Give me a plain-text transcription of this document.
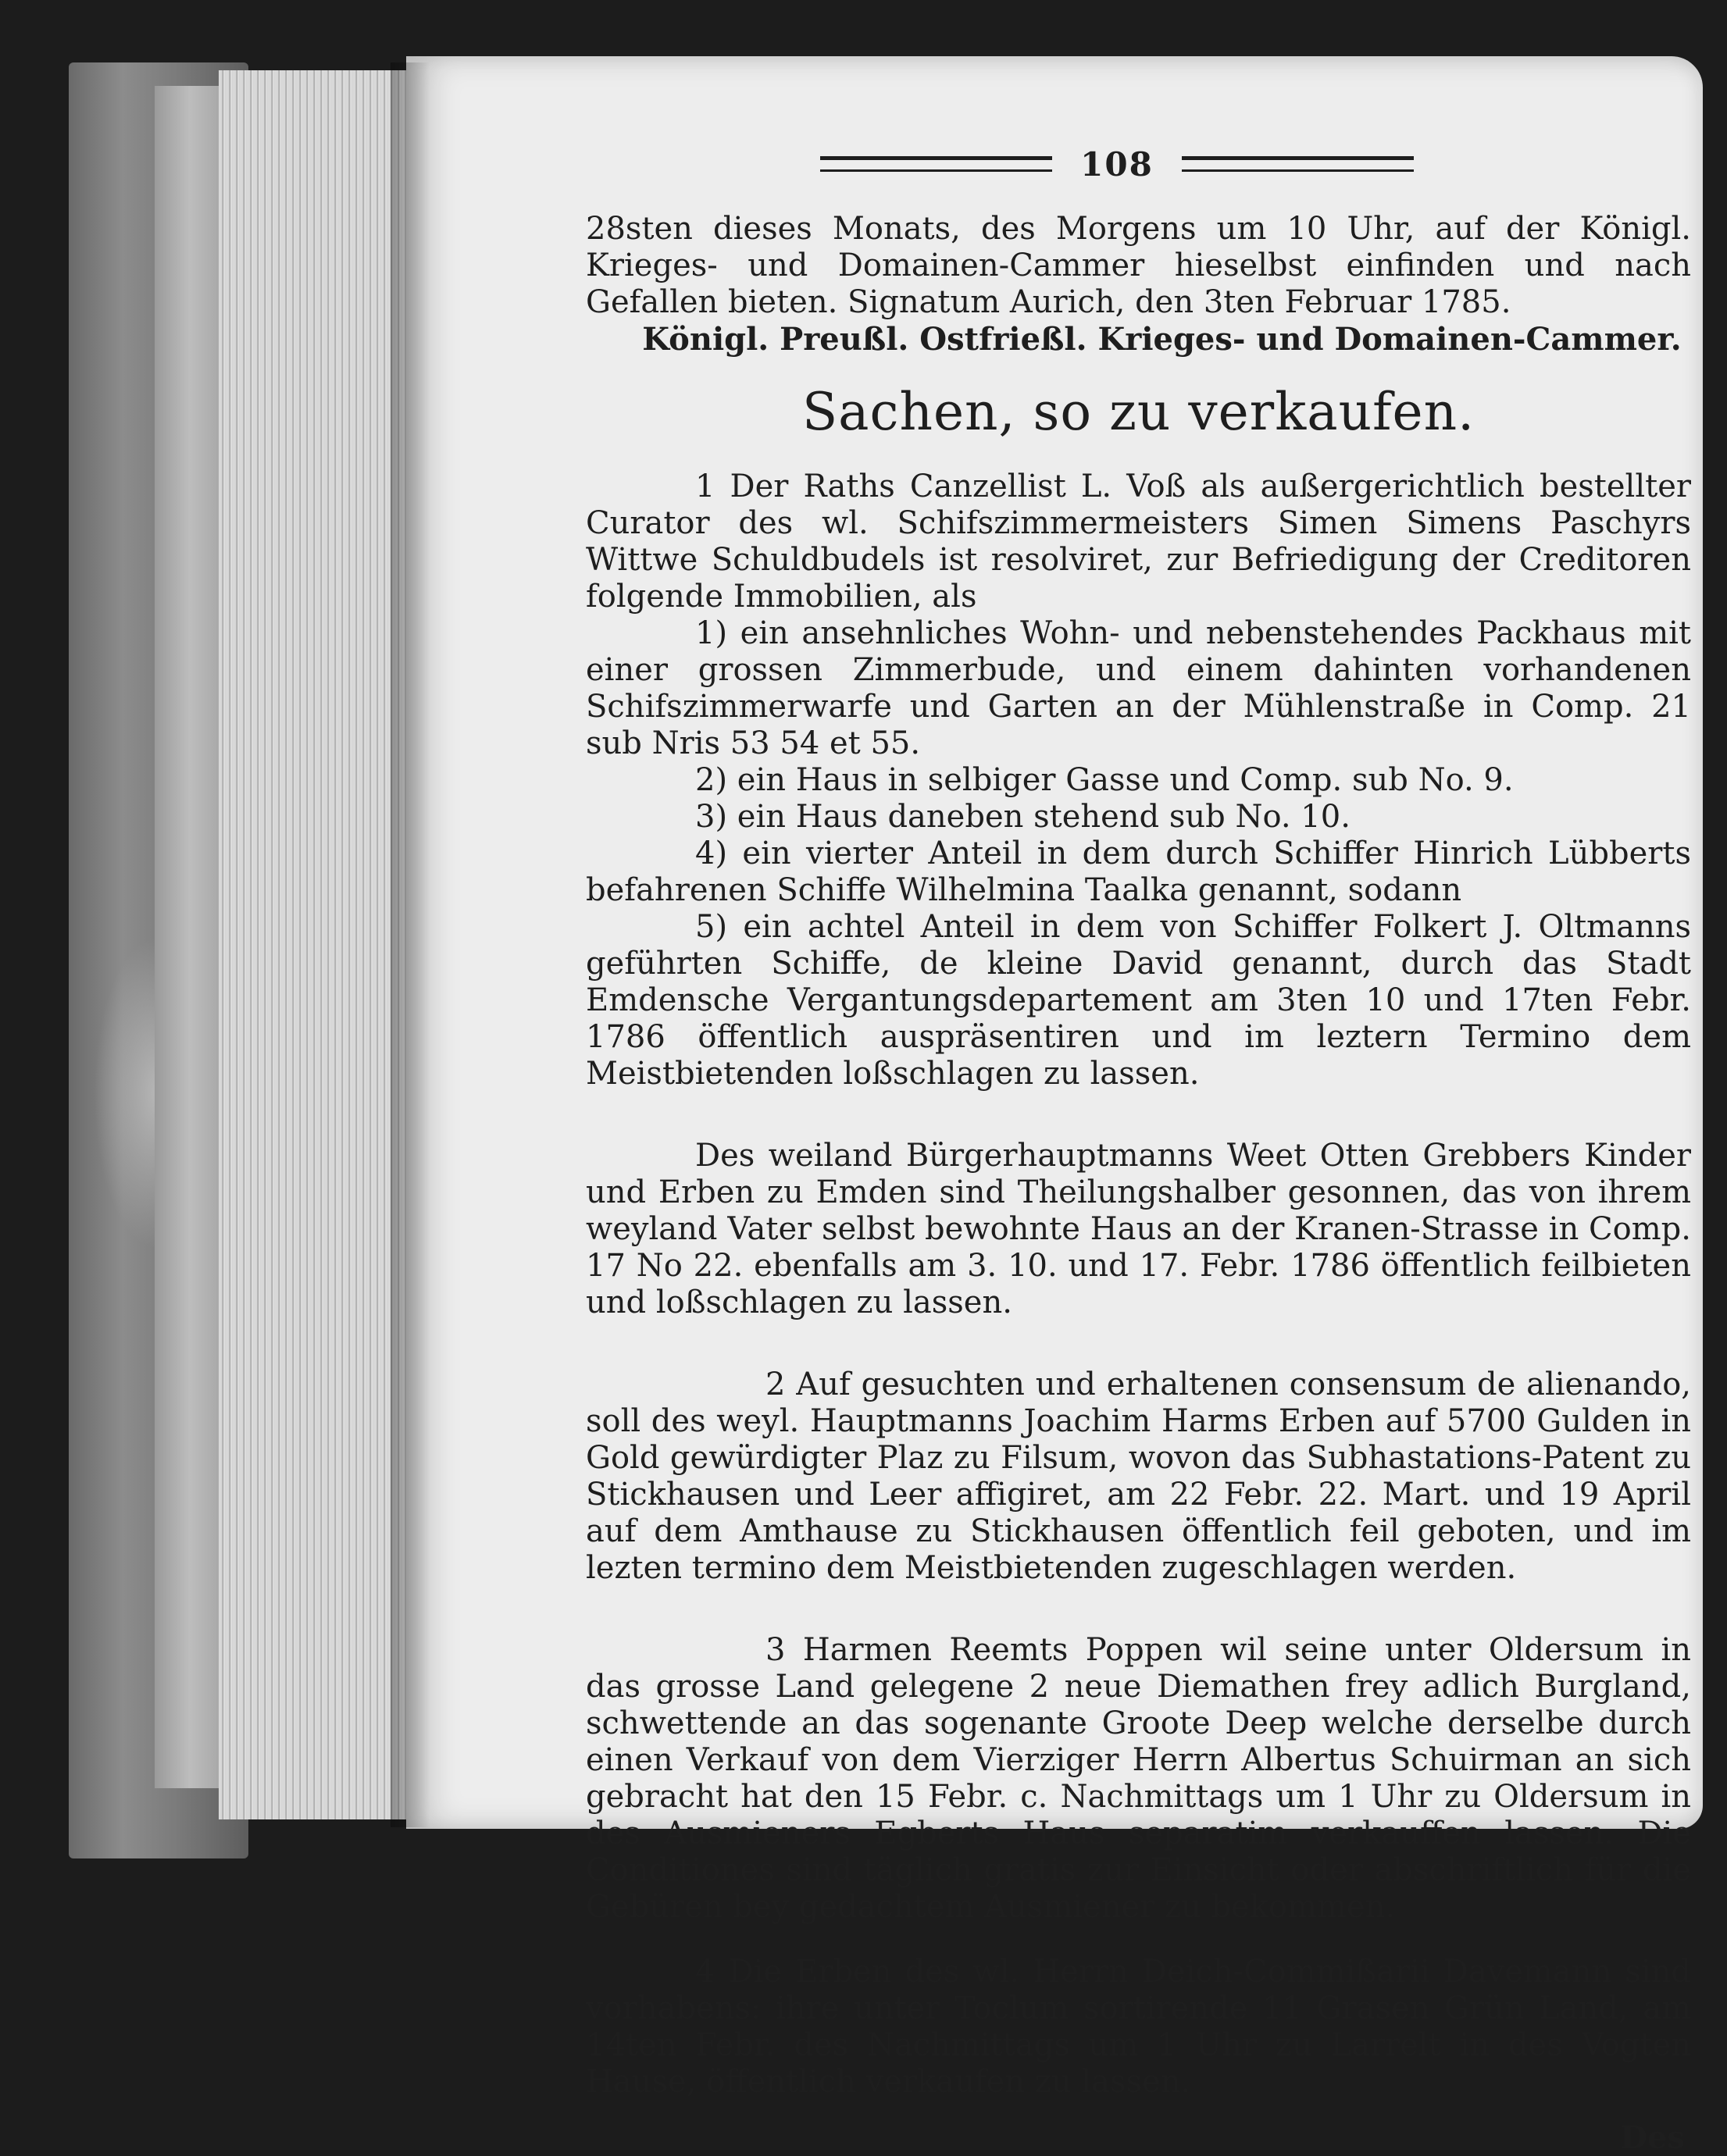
108

28sten dieses Monats, des Morgens um 10 Uhr, auf der Königl. Krieges- und Domainen-Cammer hieselbst einfinden und nach Gefallen bieten. Signatum Aurich, den 3ten Februar 1785.

Königl. Preußl. Ostfrießl. Krieges- und Domainen-Cammer.

Sachen, so zu verkaufen.

1 Der Raths Canzellist L. Voß als außergerichtlich bestellter Curator des wl. Schifszimmermeisters Simen Simens Paschyrs Wittwe Schuldbudels ist resolviret, zur Befriedigung der Creditoren folgende Immobilien, als

1) ein ansehnliches Wohn- und nebenstehendes Packhaus mit einer grossen Zimmerbude, und einem dahinten vorhandenen Schifszimmerwarfe und Garten an der Mühlenstraße in Comp. 21 sub Nris 53 54 et 55.

2) ein Haus in selbiger Gasse und Comp. sub No. 9.

3) ein Haus daneben stehend sub No. 10.

4) ein vierter Anteil in dem durch Schiffer Hinrich Lübberts befahrenen Schiffe Wilhelmina Taalka genannt, sodann

5) ein achtel Anteil in dem von Schiffer Folkert J. Oltmanns geführten Schiffe, de kleine David genannt, durch das Stadt Emdensche Vergantungsdepartement am 3ten 10 und 17ten Febr. 1786 öffentlich auspräsentiren und im leztern Termino dem Meistbietenden loßschlagen zu lassen.

Des weiland Bürgerhauptmanns Weet Otten Grebbers Kinder und Erben zu Emden sind Theilungshalber gesonnen, das von ihrem weyland Vater selbst bewohnte Haus an der Kranen-Strasse in Comp. 17 No 22. ebenfalls am 3. 10. und 17. Febr. 1786 öffentlich feilbieten und loßschlagen zu lassen.

2 Auf gesuchten und erhaltenen consensum de alienando, soll des weyl. Hauptmanns Joachim Harms Erben auf 5700 Gulden in Gold gewürdigter Plaz zu Filsum, wovon das Subhastations-Patent zu Stickhausen und Leer affigiret, am 22 Febr. 22. Mart. und 19 April auf dem Amthause zu Stickhausen öffentlich feil geboten, und im lezten termino dem Meistbietenden zugeschlagen werden.

3 Harmen Reemts Poppen wil seine unter Oldersum in das grosse Land gelegene 2 neue Diemathen frey adlich Burgland, schwettende an das sogenante Groote Deep welche derselbe durch einen Verkauf von dem Vierziger Herrn Albertus Schuirman an sich gebracht hat den 15 Febr. c. Nachmittags um 1 Uhr zu Oldersum in des Ausmieners Egberts Haus separatim verkauffen lassen. Die Conditiones sind täglich gratis zur Einsicht oder abschriftlich für die Gebüren bey gedachtem Ausmiener zu bekommen.

4 Die Erben des wl. Herrn Deich-Commißarii Davemann sind vorhabens: ihre unter Toclum sortirende 11 Grasen Grün Land, am 14ten Febr. des Nachmittags um 1 Uhr zu Larrelt in des Vogten Hause, öffentlich verkaufen zu lassen.

Des
